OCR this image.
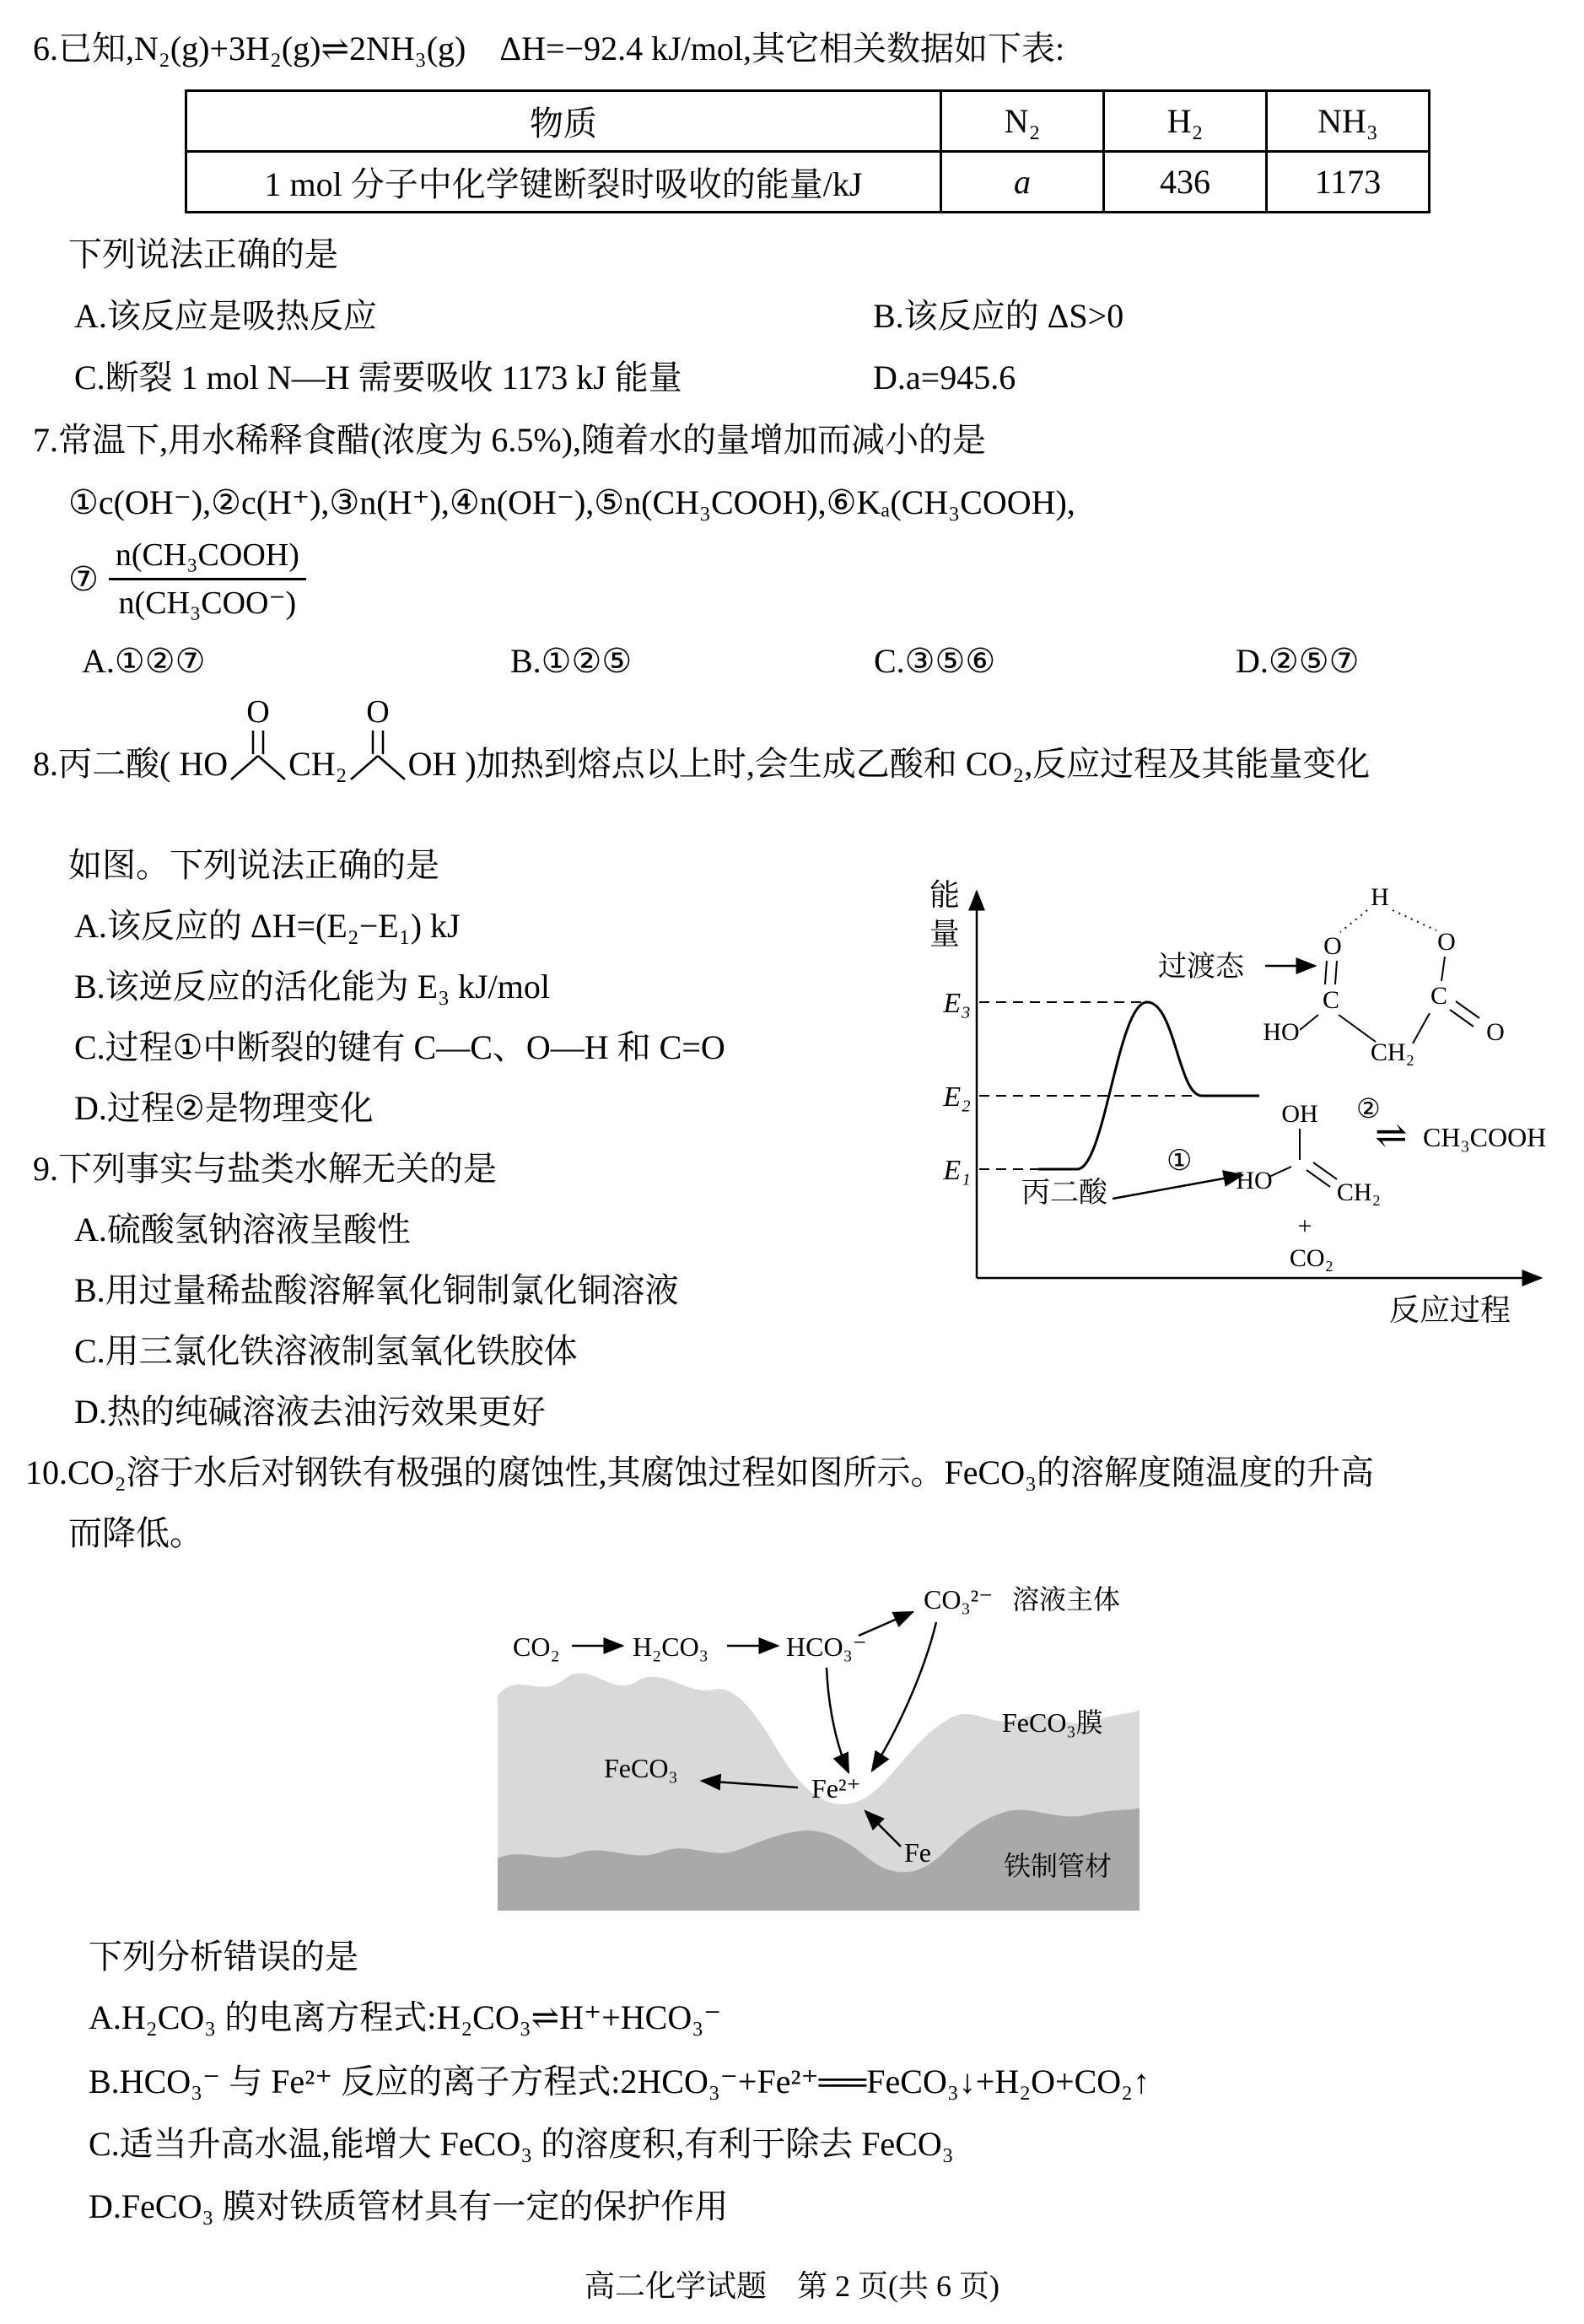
6.已知,N₂(g)+3H₂(g)⇌2NH₃(g)　ΔH=−92.4 kJ/mol,其它相关数据如下表:
物质	N₂	H₂	NH₃
1 mol 分子中化学键断裂时吸收的能量/kJ	a	436	1173
下列说法正确的是
A.该反应是吸热反应	B.该反应的 ΔS>0
C.断裂 1 mol N—H 需要吸收 1173 kJ 能量	D.a=945.6
7.常温下,用水稀释食醋(浓度为 6.5%),随着水的量增加而减小的是
①c(OH⁻),②c(H⁺),③n(H⁺),④n(OH⁻),⑤n(CH₃COOH),⑥Kₐ(CH₃COOH),
⑦ $\frac{\text{n(CH₃COOH)}}{\text{n(CH₃COO⁻)}}$
A.①②⑦	B.①②⑤	C.③⑤⑥	D.②⑤⑦
8.丙二酸( HO
O
CH₂
O
OH )加热到熔点以上时,会生成乙酸和 CO₂,反应过程及其能量变化
如图。下列说法正确的是
A.该反应的 ΔH=(E₂−E₁) kJ
B.该逆反应的活化能为 E₃ kJ/mol
C.过程①中断裂的键有 C—C、O—H 和 C=O
D.过程②是物理变化
能量
E₃
E₂
E₁
过渡态
H
O	O
C	C
HO
CH₂
O
OH
HO	CH₂
+
CO₂
丙二酸
①
②
⇌ CH₃COOH
反应过程
9.下列事实与盐类水解无关的是
A.硫酸氢钠溶液呈酸性
B.用过量稀盐酸溶解氧化铜制氯化铜溶液
C.用三氯化铁溶液制氢氧化铁胶体
D.热的纯碱溶液去油污效果更好
10.CO₂溶于水后对钢铁有极强的腐蚀性,其腐蚀过程如图所示。FeCO₃的溶解度随温度的升高
而降低。
CO₂	H₂CO₃	HCO₃⁻
CO₃²⁻ 溶液主体
FeCO₃膜
FeCO₃
Fe²⁺
Fe	铁制管材
下列分析错误的是
A.H₂CO₃ 的电离方程式:H₂CO₃⇌H⁺+HCO₃⁻
B.HCO₃⁻ 与 Fe²⁺ 反应的离子方程式:2HCO₃⁻+Fe²⁺══FeCO₃↓+H₂O+CO₂↑
C.适当升高水温,能增大 FeCO₃ 的溶度积,有利于除去 FeCO₃
D.FeCO₃ 膜对铁质管材具有一定的保护作用
高二化学试题　第 2 页(共 6 页)
